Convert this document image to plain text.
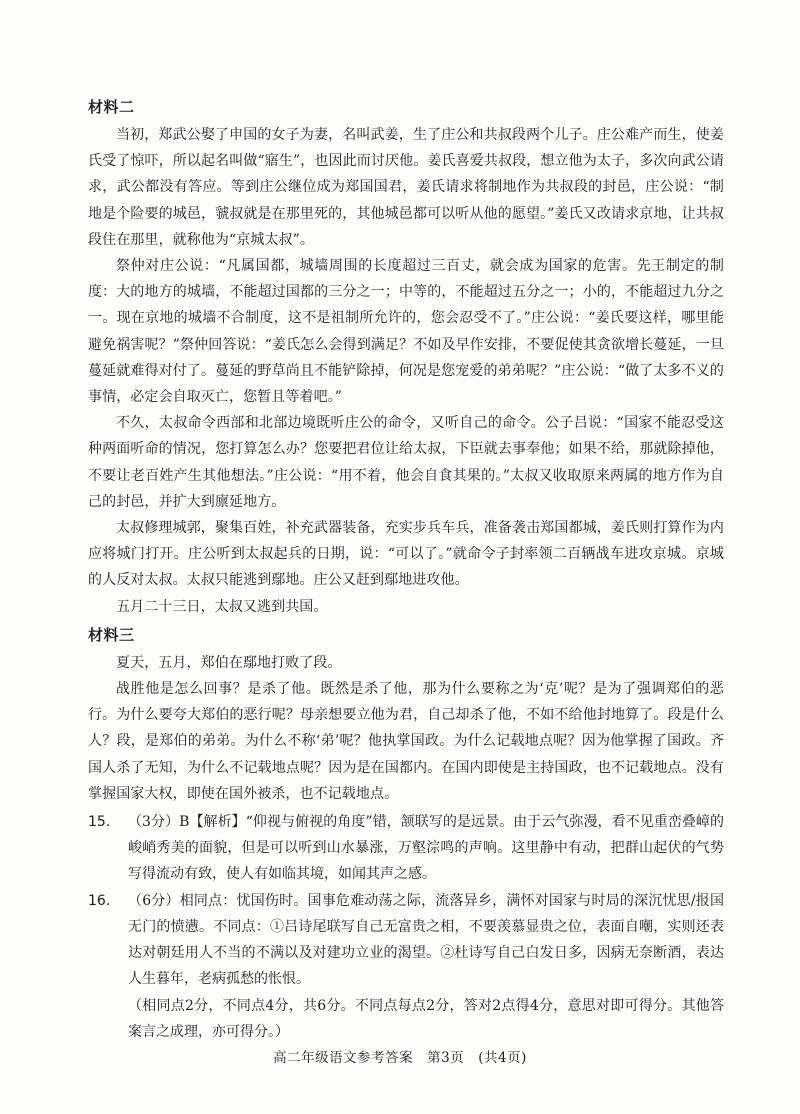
材料二

当初，郑武公娶了申国的女子为妻，名叫武姜，生了庄公和共叔段两个儿子。庄公难产而生，使姜氏受了惊吓，所以起名叫做“寤生”，也因此而讨厌他。姜氏喜爱共叔段，想立他为太子，多次向武公请求，武公都没有答应。等到庄公继位成为郑国国君，姜氏请求将制地作为共叔段的封邑，庄公说：“制地是个险要的城邑，虢叔就是在那里死的，其他城邑都可以听从他的愿望。”姜氏又改请求京地，让共叔段住在那里，就称他为“京城太叔”。

祭仲对庄公说：“凡属国都，城墙周围的长度超过三百丈，就会成为国家的危害。先王制定的制度：大的地方的城墙，不能超过国都的三分之一；中等的，不能超过五分之一；小的，不能超过九分之一。现在京地的城墙不合制度，这不是祖制所允许的，您会忍受不了。”庄公说：“姜氏要这样，哪里能避免祸害呢？”祭仲回答说：“姜氏怎么会得到满足？不如及早作安排，不要促使其贪欲增长蔓延，一旦蔓延就难得对付了。蔓延的野草尚且不能铲除掉，何况是您宠爱的弟弟呢？”庄公说：“做了太多不义的事情，必定会自取灭亡，您暂且等着吧。”

不久，太叔命令西部和北部边境既听庄公的命令，又听自己的命令。公子吕说：“国家不能忍受这种两面听命的情况，您打算怎么办？您要把君位让给太叔，下臣就去事奉他；如果不给，那就除掉他，不要让老百姓产生其他想法。”庄公说：“用不着，他会自食其果的。”太叔又收取原来两属的地方作为自己的封邑，并扩大到廪延地方。

太叔修理城郭，聚集百姓，补充武器装备，充实步兵车兵，准备袭击郑国都城，姜氏则打算作为内应将城门打开。庄公听到太叔起兵的日期，说：“可以了。”就命令子封率领二百辆战车进攻京城。京城的人反对太叔。太叔只能逃到鄢地。庄公又赶到鄢地进攻他。

五月二十三日，太叔又逃到共国。

材料三

夏天，五月，郑伯在鄢地打败了段。

战胜他是怎么回事？是杀了他。既然是杀了他，那为什么要称之为‘克’呢？是为了强调郑伯的恶行。为什么要夸大郑伯的恶行呢？母亲想要立他为君，自己却杀了他，不如不给他封地算了。段是什么人？段，是郑伯的弟弟。为什么不称‘弟’呢？他执掌国政。为什么记载地点呢？因为他掌握了国政。齐国人杀了无知，为什么不记载地点呢？因为是在国都内。在国内即使是主持国政，也不记载地点。没有掌握国家大权，即使在国外被杀，也不记载地点。

15. （3分）B【解析】“仰视与俯视的角度”错，颔联写的是远景。由于云气弥漫，看不见重峦叠嶂的峻峭秀美的面貌，但是可以听到山水暴涨，万壑淙鸣的声响。这里静中有动，把群山起伏的气势写得流动有致，使人有如临其境，如闻其声之感。
16. （6分）相同点：忧国伤时。国事危难动荡之际，流落异乡，满怀对国家与时局的深沉忧思/报国无门的愤懑。不同点：①吕诗尾联写自己无富贵之相，不要羡慕显贵之位，表面自嘲，实则还表达对朝廷用人不当的不满以及对建功立业的渴望。②杜诗写自己白发日多，因病无奈断酒，表达人生暮年，老病孤愁的怅恨。
（相同点2分，不同点4分，共6分。不同点每点2分，答对2点得4分，意思对即可得分。其他答案言之成理，亦可得分。）
高二年级语文参考答案　第3页　(共4页)
